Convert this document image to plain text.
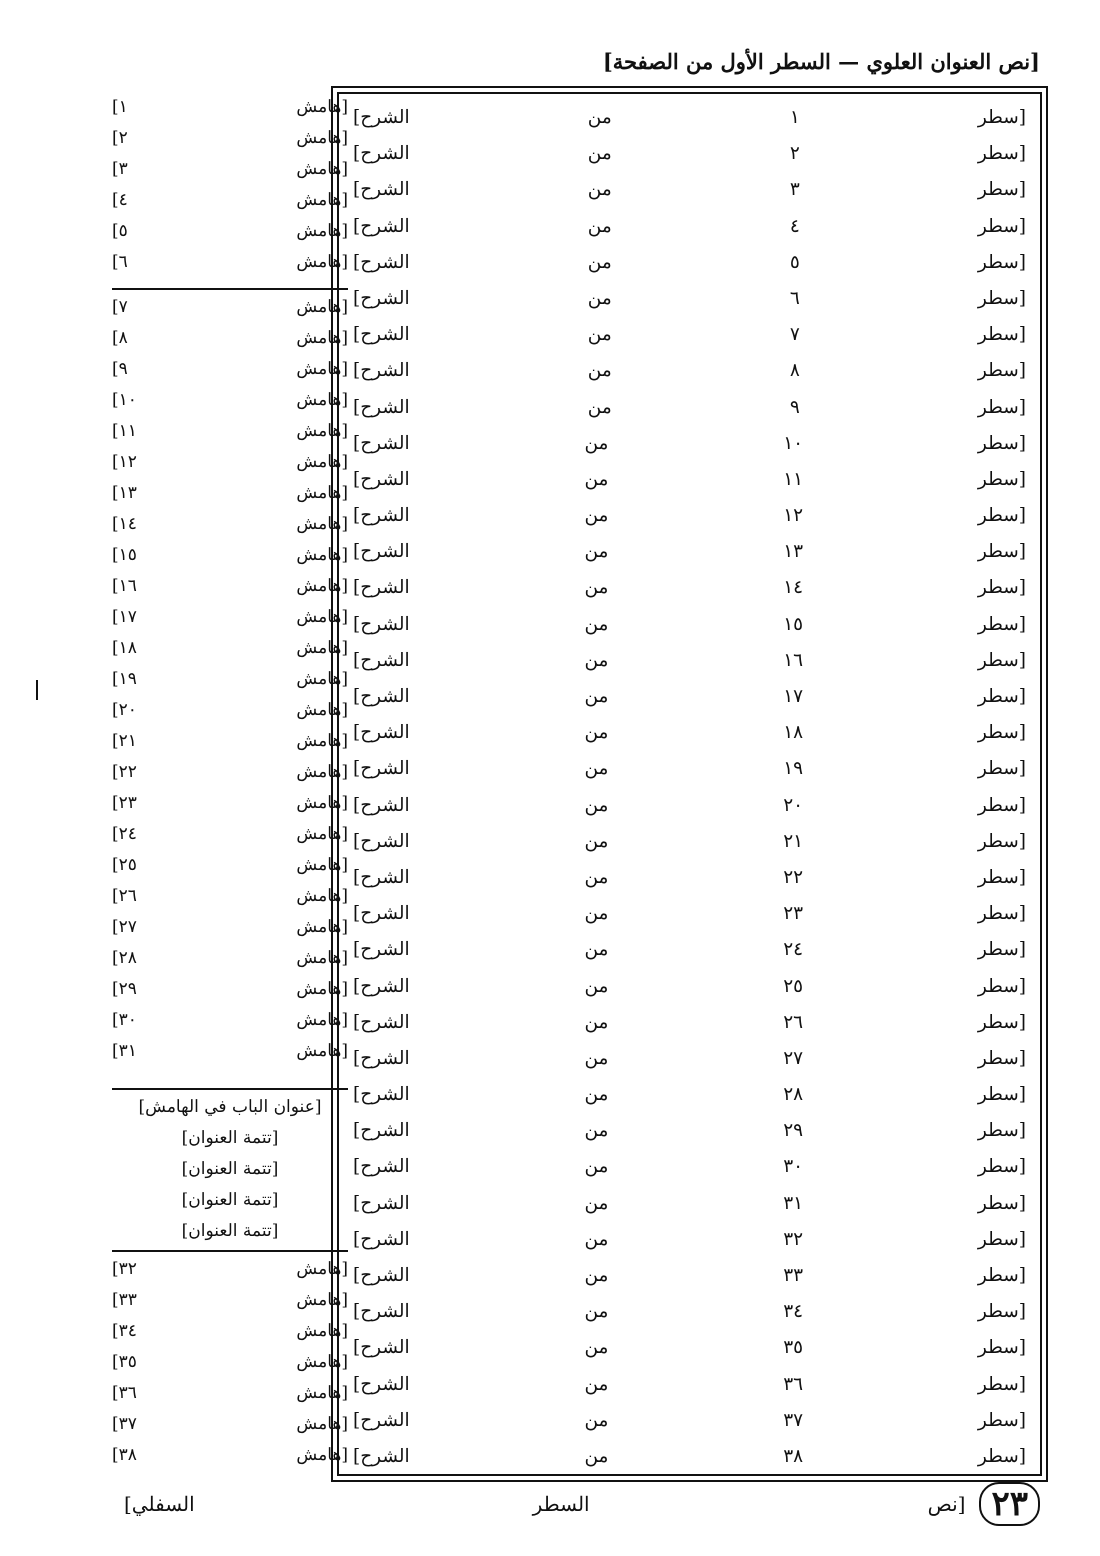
[نص العنوان العلوي — السطر الأول من الصفحة]
[سطر ١ من الشرح]
[سطر ٢ من الشرح]
[سطر ٣ من الشرح]
[سطر ٤ من الشرح]
[سطر ٥ من الشرح]
[سطر ٦ من الشرح]
[سطر ٧ من الشرح]
[سطر ٨ من الشرح]
[سطر ٩ من الشرح]
[سطر ١٠ من الشرح]
[سطر ١١ من الشرح]
[سطر ١٢ من الشرح]
[سطر ١٣ من الشرح]
[سطر ١٤ من الشرح]
[سطر ١٥ من الشرح]
[سطر ١٦ من الشرح]
[سطر ١٧ من الشرح]
[سطر ١٨ من الشرح]
[سطر ١٩ من الشرح]
[سطر ٢٠ من الشرح]
[سطر ٢١ من الشرح]
[سطر ٢٢ من الشرح]
[سطر ٢٣ من الشرح]
[سطر ٢٤ من الشرح]
[سطر ٢٥ من الشرح]
[سطر ٢٦ من الشرح]
[سطر ٢٧ من الشرح]
[سطر ٢٨ من الشرح]
[سطر ٢٩ من الشرح]
[سطر ٣٠ من الشرح]
[سطر ٣١ من الشرح]
[سطر ٣٢ من الشرح]
[سطر ٣٣ من الشرح]
[سطر ٣٤ من الشرح]
[سطر ٣٥ من الشرح]
[سطر ٣٦ من الشرح]
[سطر ٣٧ من الشرح]
[سطر ٣٨ من الشرح]
[هامش ١]
[هامش ٢]
[هامش ٣]
[هامش ٤]
[هامش ٥]
[هامش ٦]
[هامش ٧]
[هامش ٨]
[هامش ٩]
[هامش ١٠]
[هامش ١١]
[هامش ١٢]
[هامش ١٣]
[هامش ١٤]
[هامش ١٥]
[هامش ١٦]
[هامش ١٧]
[هامش ١٨]
[هامش ١٩]
[هامش ٢٠]
[هامش ٢١]
[هامش ٢٢]
[هامش ٢٣]
[هامش ٢٤]
[هامش ٢٥]
[هامش ٢٦]
[هامش ٢٧]
[هامش ٢٨]
[هامش ٢٩]
[هامش ٣٠]
[هامش ٣١]
[عنوان الباب في الهامش]
[تتمة العنوان]
[تتمة العنوان]
[تتمة العنوان]
[تتمة العنوان]
[هامش ٣٢]
[هامش ٣٣]
[هامش ٣٤]
[هامش ٣٥]
[هامش ٣٦]
[هامش ٣٧]
[هامش ٣٨]
٢٣
[نص السطر السفلي]
